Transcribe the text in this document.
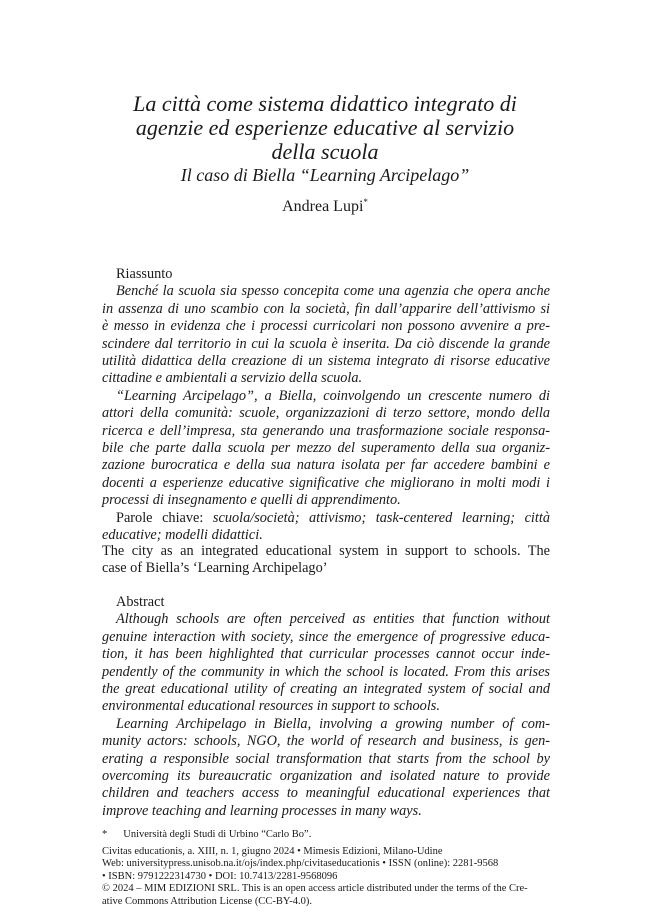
La città come sistema didattico integrato di
agenzie ed esperienze educative al servizio
della scuola
Il caso di Biella “Learning Arcipelago”
Andrea Lupi*
Riassunto
Benché la scuola sia spesso concepita come una agenzia che opera anche
in assenza di uno scambio con la società, fin dall’apparire dell’attivismo si
è messo in evidenza che i processi curricolari non possono avvenire a pre-
scindere dal territorio in cui la scuola è inserita. Da ciò discende la grande
utilità didattica della creazione di un sistema integrato di risorse educative
cittadine e ambientali a servizio della scuola.
“Learning Arcipelago”, a Biella, coinvolgendo un crescente numero di
attori della comunità: scuole, organizzazioni di terzo settore, mondo della
ricerca e dell’impresa, sta generando una trasformazione sociale responsa-
bile che parte dalla scuola per mezzo del superamento della sua organiz-
zazione burocratica e della sua natura isolata per far accedere bambini e
docenti a esperienze educative significative che migliorano in molti modi i
processi di insegnamento e quelli di apprendimento.
Parole chiave: scuola/società; attivismo; task-centered learning; città
educative; modelli didattici.
The city as an integrated educational system in support to schools. The
case of Biella’s ‘Learning Archipelago’
Abstract
Although schools are often perceived as entities that function without
genuine interaction with society, since the emergence of progressive educa-
tion, it has been highlighted that curricular processes cannot occur inde-
pendently of the community in which the school is located. From this arises
the great educational utility of creating an integrated system of social and
environmental educational resources in support to schools.
Learning Archipelago in Biella, involving a growing number of com-
munity actors: schools, NGO, the world of research and business, is gen-
erating a responsible social transformation that starts from the school by
overcoming its bureaucratic organization and isolated nature to provide
children and teachers access to meaningful educational experiences that
improve teaching and learning processes in many ways.
* Università degli Studi di Urbino “Carlo Bo”.
Civitas educationis, a. XIII, n. 1, giugno 2024 • Mimesis Edizioni, Milano-Udine
Web: universitypress.unisob.na.it/ojs/index.php/civitaseducationis • ISSN (online): 2281-9568
• ISBN: 9791222314730 • DOI: 10.7413/2281-9568096
© 2024 – MIM EDIZIONI SRL. This is an open access article distributed under the terms of the Cre-
ative Commons Attribution License (CC-BY-4.0).
